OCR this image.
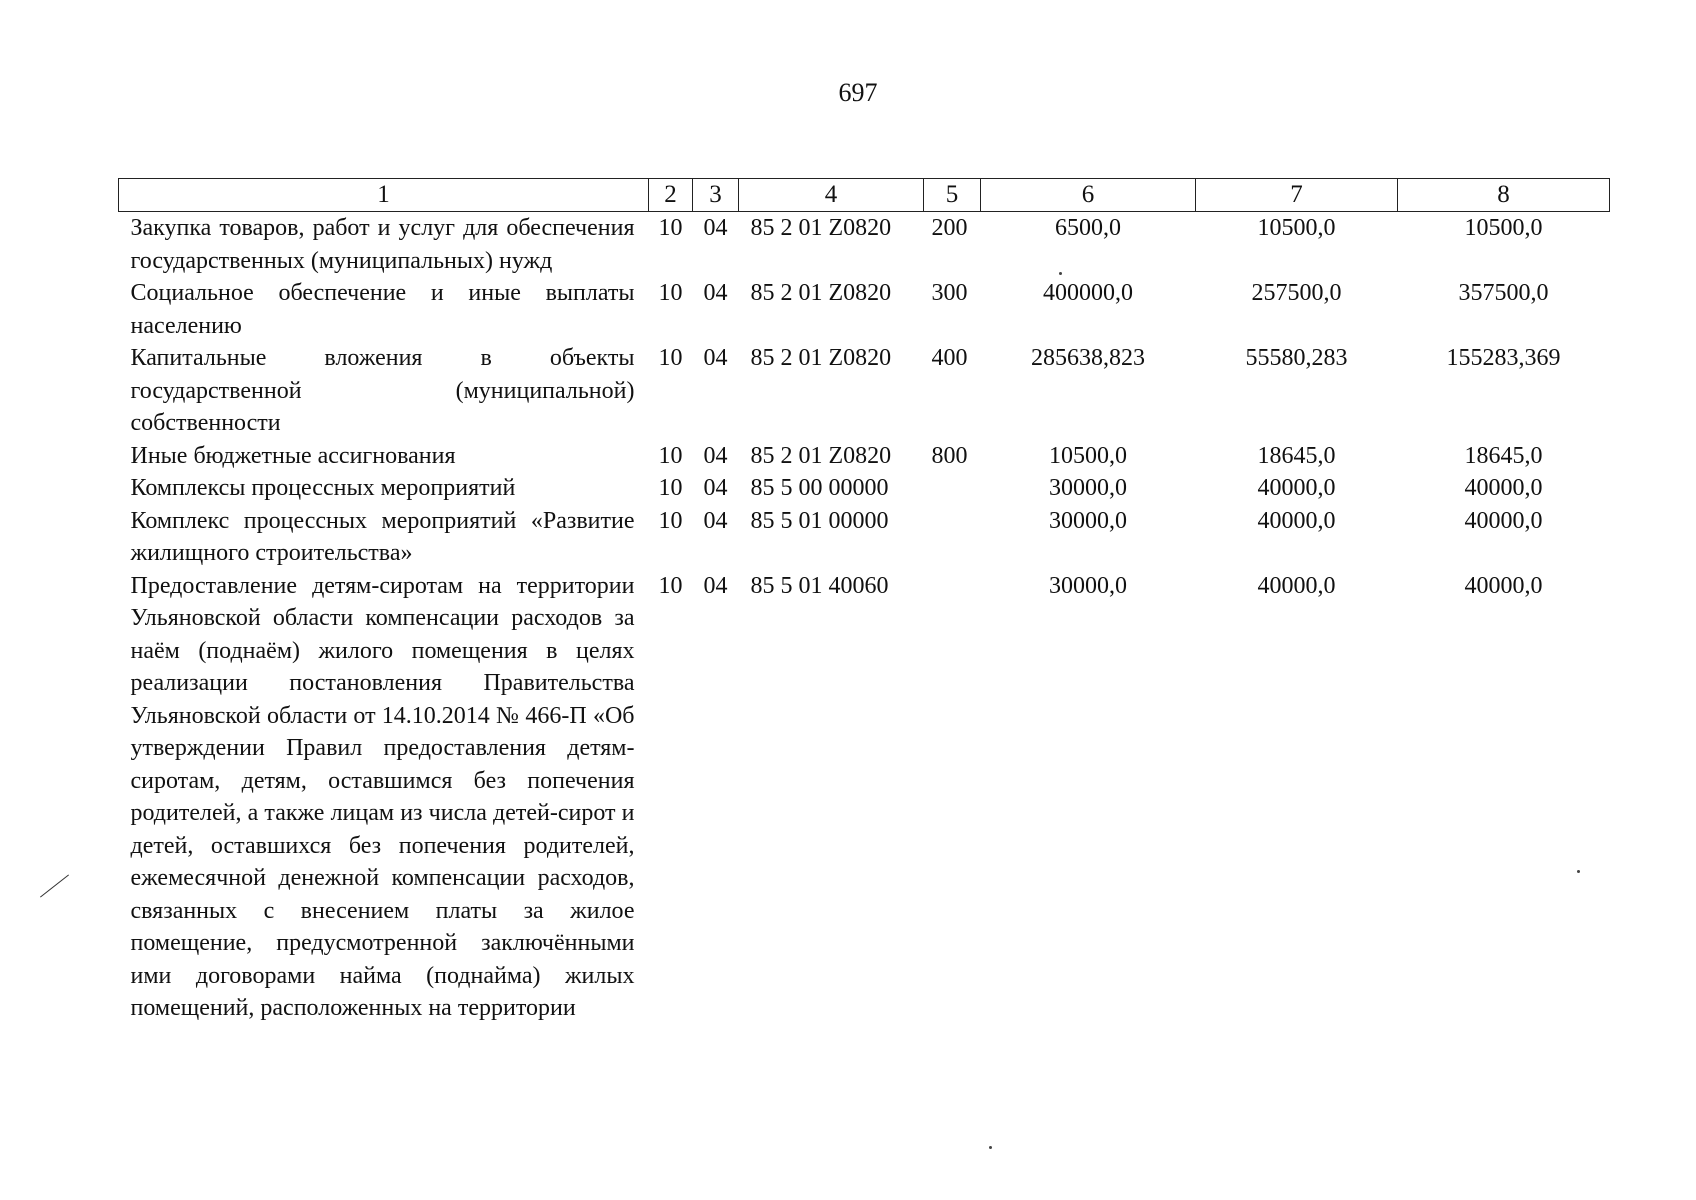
697
1	2	3	4	5	6	7	8
Закупка товаров, работ и услуг для обеспечения государственных (муниципальных) нужд	10	04	85 2 01 Z0820	200	6500,0	10500,0	10500,0
Социальное обеспечение и иные выплаты населению	10	04	85 2 01 Z0820	300	400000,0	257500,0	357500,0
Капитальные вложения в объекты государственной (муниципальной) собственности	10	04	85 2 01 Z0820	400	285638,823	55580,283	155283,369
Иные бюджетные ассигнования	10	04	85 2 01 Z0820	800	10500,0	18645,0	18645,0
Комплексы процессных мероприятий	10	04	85 5 00 00000		30000,0	40000,0	40000,0
Комплекс процессных мероприятий «Развитие жилищного строительства»	10	04	85 5 01 00000		30000,0	40000,0	40000,0
Предоставление детям-сиротам на территории Ульяновской области компенсации расходов за наём (поднаём) жилого помещения в целях реализации постановления Правительства Ульяновской области от 14.10.2014 № 466-П «Об утверждении Правил предоставления детям-сиротам, детям, оставшимся без попечения родителей, а также лицам из числа детей-сирот и детей, оставшихся без попечения родителей, ежемесячной денежной компенсации расходов, связанных с внесением платы за жилое помещение, предусмотренной заключёнными ими договорами найма (поднайма) жилых помещений, расположенных на территории	10	04	85 5 01 40060		30000,0	40000,0	40000,0
